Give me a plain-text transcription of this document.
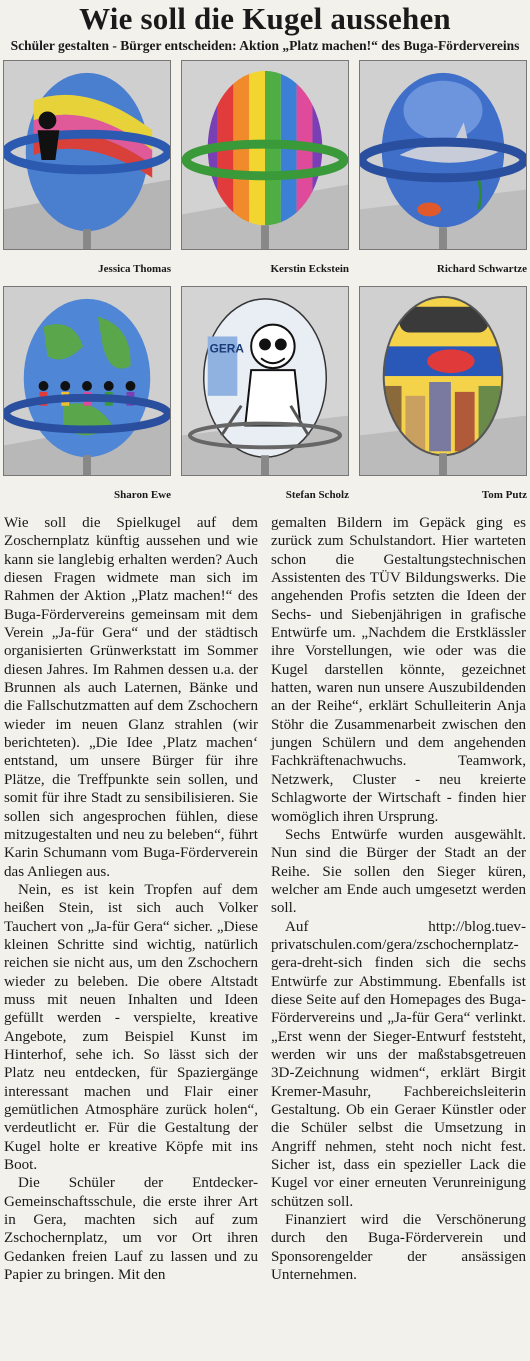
Wie soll die Kugel aussehen
Schüler gestalten - Bürger entscheiden: Aktion „Platz machen!“ des Buga-Fördervereins
GERA
Jessica Thomas	Kerstin Eckstein	Richard Schwartze
Sharon Ewe	Stefan Scholz	Tom Putz

Wie soll die Spielkugel auf dem Zoschernplatz künftig aussehen und wie kann sie langlebig erhalten werden? Auch diesen Fragen widmete man sich im Rahmen der Aktion „Platz machen!“ des Buga-Fördervereins gemeinsam mit dem Verein „Ja-für Gera“ und der städtisch organisierten Grünwerkstatt im Sommer diesen Jahres. Im Rahmen dessen u.a. der Brunnen als auch Laternen, Bänke und die Fallschutzmatten auf dem Zschochern wieder im neuen Glanz strahlen (wir berichteten). „Die Idee ‚Platz machen‘ entstand, um unsere Bürger für ihre Plätze, die Treffpunkte sein sollen, und somit für ihre Stadt zu sensibilisieren. Sie sollen sich angesprochen fühlen, diese mitzugestalten und neu zu beleben“, führt Karin Schumann vom Buga-Förderverein das Anliegen aus.

Nein, es ist kein Tropfen auf dem heißen Stein, ist sich auch Volker Tauchert von „Ja-für Gera“ sicher. „Diese kleinen Schritte sind wichtig, natürlich reichen sie nicht aus, um den Zschochern wieder zu beleben. Die obere Altstadt muss mit neuen Inhalten und Ideen gefüllt werden - verspielte, kreative Angebote, zum Beispiel Kunst im Hinterhof, sehe ich. So lässt sich der Platz neu entdecken, für Spaziergänge interessant machen und Flair einer gemütlichen Atmosphäre zurück holen“, verdeutlicht er. Für die Gestaltung der Kugel holte er kreative Köpfe mit ins Boot.

Die Schüler der Entdecker-Gemeinschaftsschule, die erste ihrer Art in Gera, machten sich auf zum Zschochernplatz, um vor Ort ihren Gedanken freien Lauf zu lassen und zu Papier zu bringen. Mit den

gemalten Bildern im Gepäck ging es zurück zum Schulstandort. Hier warteten schon die Gestaltungstechnischen Assistenten des TÜV Bildungswerks. Die angehenden Profis setzten die Ideen der Sechs- und Siebenjährigen in grafische Entwürfe um. „Nachdem die Erstklässler ihre Vorstellungen, wie oder was die Kugel darstellen könnte, gezeichnet hatten, waren nun unsere Auszubildenden an der Reihe“, erklärt Schulleiterin Anja Stöhr die Zusammenarbeit zwischen den jungen Schülern und dem angehenden Fachkräftenachwuchs. Teamwork, Netzwerk, Cluster - neu kreierte Schlagworte der Wirtschaft - finden hier womöglich ihren Ursprung.

Sechs Entwürfe wurden ausgewählt. Nun sind die Bürger der Stadt an der Reihe. Sie sollen den Sieger küren, welcher am Ende auch umgesetzt werden soll.

Auf http://blog.tuev-privatschulen.com/gera/zschochernplatz-gera-dreht-sich finden sich die sechs Entwürfe zur Abstimmung. Ebenfalls ist diese Seite auf den Homepages des Buga-Fördervereins und „Ja-für Gera“ verlinkt. „Erst wenn der Sieger-Entwurf feststeht, werden wir uns der maßstabsgetreuen 3D-Zeichnung widmen“, erklärt Birgit Kremer-Masuhr, Fachbereichsleiterin Gestaltung. Ob ein Geraer Künstler oder die Schüler selbst die Umsetzung in Angriff nehmen, steht noch nicht fest. Sicher ist, dass ein spezieller Lack die Kugel vor einer erneuten Verunreinigung schützen soll.

Finanziert wird die Verschönerung durch den Buga-Förderverein und Sponsorengelder der ansässigen Unternehmen.
